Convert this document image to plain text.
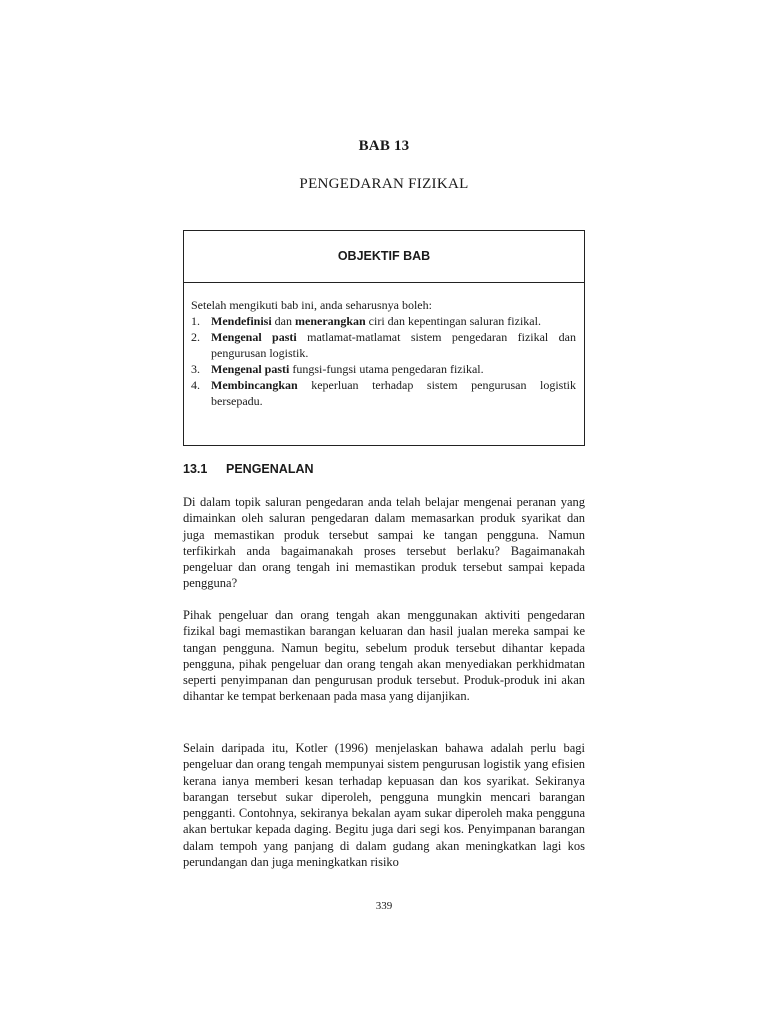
BAB 13
PENGEDARAN FIZIKAL
OBJEKTIF BAB

Setelah mengikuti bab ini, anda seharusnya boleh:

1. Mendefinisi dan menerangkan ciri dan kepentingan saluran fizikal.
2. Mengenal pasti matlamat-matlamat sistem pengedaran fizikal dan pengurusan logistik.
3. Mengenal pasti fungsi-fungsi utama pengedaran fizikal.
4. Membincangkan keperluan terhadap sistem pengurusan logistik bersepadu.
13.1 PENGENALAN

Di dalam topik saluran pengedaran anda telah belajar mengenai peranan yang dimainkan oleh saluran pengedaran dalam memasarkan produk syarikat dan juga memastikan produk tersebut sampai ke tangan pengguna. Namun terfikirkah anda bagaimanakah proses tersebut berlaku? Bagaimanakah pengeluar dan orang tengah ini memastikan produk tersebut sampai kepada pengguna?

Pihak pengeluar dan orang tengah akan menggunakan aktiviti pengedaran fizikal bagi memastikan barangan keluaran dan hasil jualan mereka sampai ke tangan pengguna. Namun begitu, sebelum produk tersebut dihantar kepada pengguna, pihak pengeluar dan orang tengah akan menyediakan perkhidmatan seperti penyimpanan dan pengurusan produk tersebut. Produk-produk ini akan dihantar ke tempat berkenaan pada masa yang dijanjikan.

Selain daripada itu, Kotler (1996) menjelaskan bahawa adalah perlu bagi pengeluar dan orang tengah mempunyai sistem pengurusan logistik yang efisien kerana ianya memberi kesan terhadap kepuasan dan kos syarikat. Sekiranya barangan tersebut sukar diperoleh, pengguna mungkin mencari barangan pengganti. Contohnya, sekiranya bekalan ayam sukar diperoleh maka pengguna akan bertukar kepada daging. Begitu juga dari segi kos. Penyimpanan barangan dalam tempoh yang panjang di dalam gudang akan meningkatkan lagi kos perundangan dan juga meningkatkan risiko

339
